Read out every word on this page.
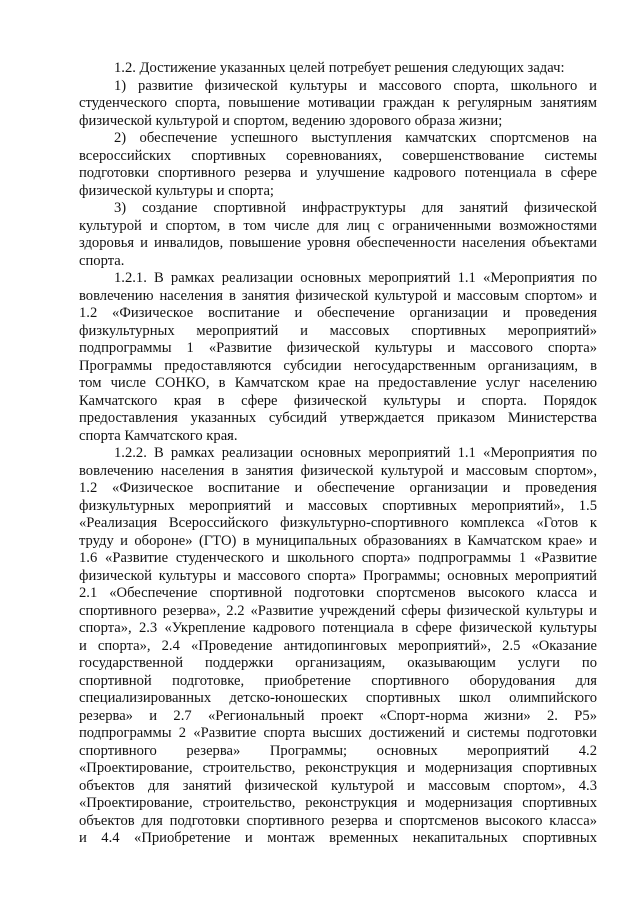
1.2. Достижение указанных целей потребует решения следующих задач:
1) развитие физической культуры и массового спорта, школьного и
студенческого спорта, повышение мотивации граждан к регулярным занятиям
физической культурой и спортом, ведению здорового образа жизни;
2) обеспечение успешного выступления камчатских спортсменов на
всероссийских спортивных соревнованиях, совершенствование системы
подготовки спортивного резерва и улучшение кадрового потенциала в сфере
физической культуры и спорта;
3) создание спортивной инфраструктуры для занятий физической
культурой и спортом, в том числе для лиц с ограниченными возможностями
здоровья и инвалидов, повышение уровня обеспеченности населения объектами
спорта.
1.2.1. В рамках реализации основных мероприятий 1.1 «Мероприятия по
вовлечению населения в занятия физической культурой и массовым спортом» и
1.2 «Физическое воспитание и обеспечение организации и проведения
физкультурных мероприятий и массовых спортивных мероприятий»
подпрограммы 1 «Развитие физической культуры и массового спорта»
Программы предоставляются субсидии негосударственным организациям, в
том числе СОНКО, в Камчатском крае на предоставление услуг населению
Камчатского края в сфере физической культуры и спорта. Порядок
предоставления указанных субсидий утверждается приказом Министерства
спорта Камчатского края.
1.2.2. В рамках реализации основных мероприятий 1.1 «Мероприятия по
вовлечению населения в занятия физической культурой и массовым спортом»,
1.2 «Физическое воспитание и обеспечение организации и проведения
физкультурных мероприятий и массовых спортивных мероприятий», 1.5
«Реализация Всероссийского физкультурно-спортивного комплекса «Готов к
труду и обороне» (ГТО) в муниципальных образованиях в Камчатском крае» и
1.6 «Развитие студенческого и школьного спорта» подпрограммы 1 «Развитие
физической культуры и массового спорта» Программы; основных мероприятий
2.1 «Обеспечение спортивной подготовки спортсменов высокого класса и
спортивного резерва», 2.2 «Развитие учреждений сферы физической культуры и
спорта», 2.3 «Укрепление кадрового потенциала в сфере физической культуры
и спорта», 2.4 «Проведение антидопинговых мероприятий», 2.5 «Оказание
государственной поддержки организациям, оказывающим услуги по
спортивной подготовке, приобретение спортивного оборудования для
специализированных детско-юношеских спортивных школ олимпийского
резерва» и 2.7 «Региональный проект «Спорт-норма жизни» 2. Р5»
подпрограммы 2 «Развитие спорта высших достижений и системы подготовки
спортивного резерва» Программы; основных мероприятий 4.2
«Проектирование, строительство, реконструкция и модернизация спортивных
объектов для занятий физической культурой и массовым спортом», 4.3
«Проектирование, строительство, реконструкция и модернизация спортивных
объектов для подготовки спортивного резерва и спортсменов высокого класса»
и 4.4 «Приобретение и монтаж временных некапитальных спортивных
